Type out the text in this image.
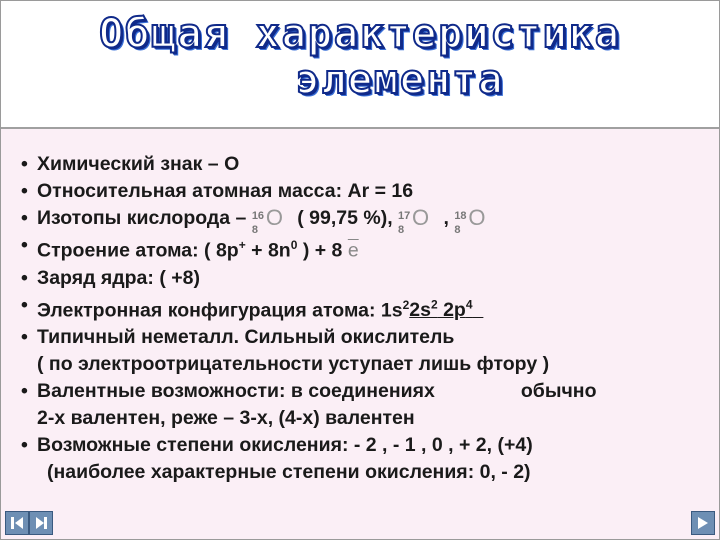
Общая характеристика
элемента
• Химический знак – О
• Относительная атомная масса: Ar = 16
• Изотопы кислорода – 16
8 O ( 99,75 %), 17
8 O , 18
8 O
• Строение атома: ( $8p^+ + 8n^0$ ) + 8 $\overline{e}$
• Заряд ядра: ( +8)
• Электронная конфигурация атома: $1s^22s^2$ $2p^4$
• Типичный неметалл. Сильный окислитель
( по электроотрицательности уступает лишь фтору )
• Валентные возможности: в соединениях	обычно
2-х валентен, реже – 3-х, (4-х) валентен
• Возможные степени окисления: - 2 , - 1 , 0 , + 2, (+4)
(наиболее характерные степени окисления: 0, - 2)
